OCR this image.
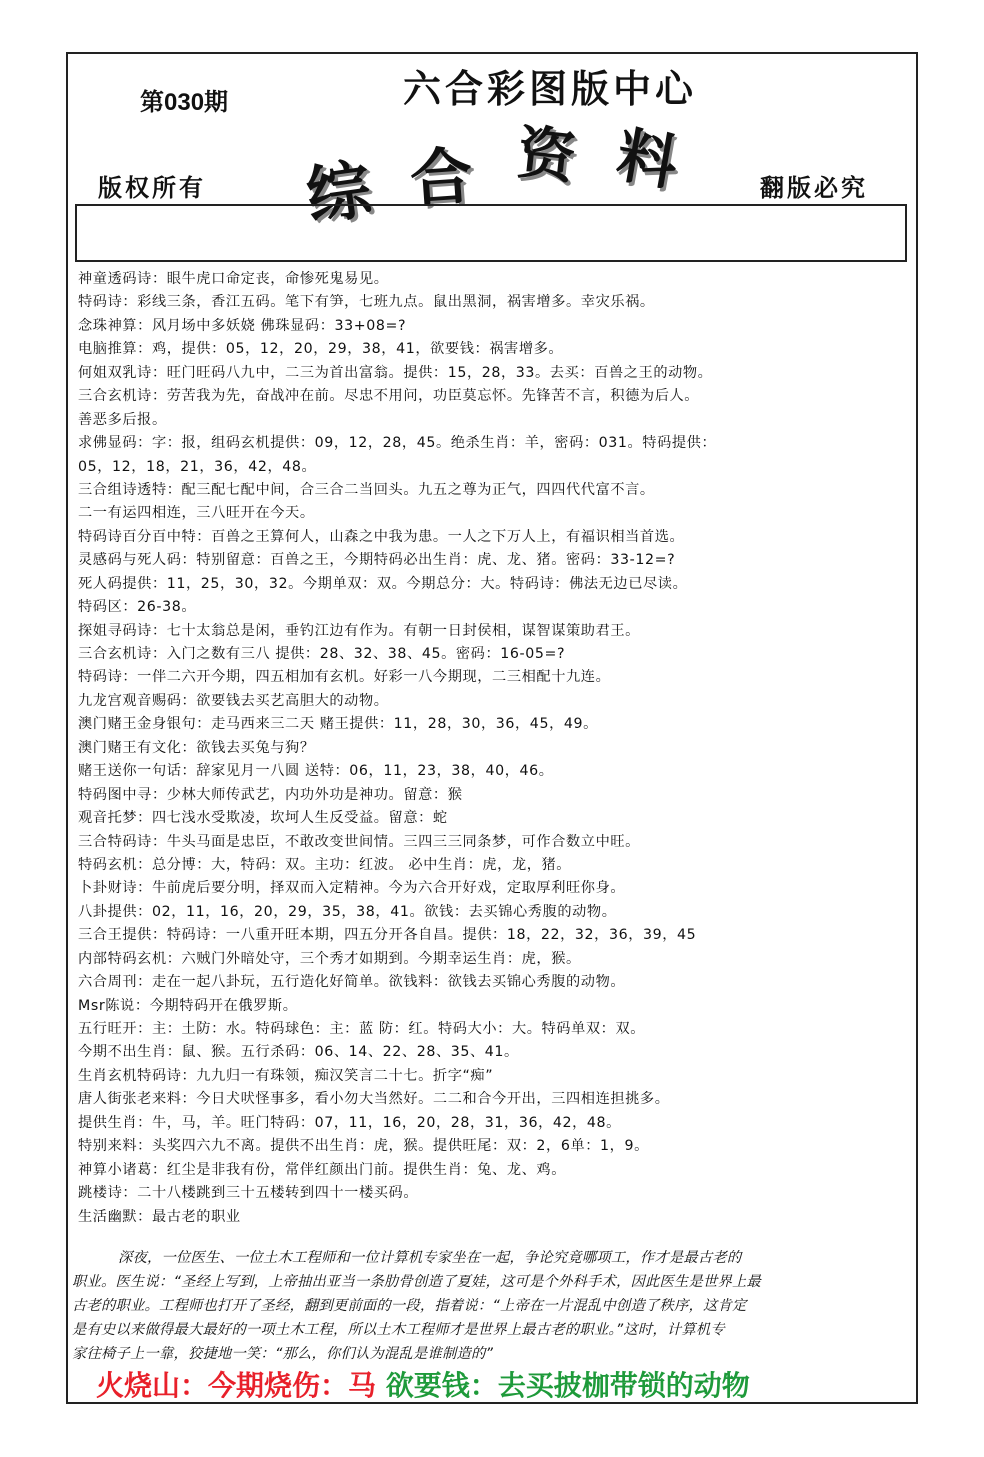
第030期	六合彩图版中心
综 合 资 料
版权所有	翻版必究
神童透码诗：眼牛虎口命定丧，命惨死鬼易见。
特码诗：彩线三条，香江五码。笔下有笋，七班九点。鼠出黑洞，祸害增多。幸灾乐祸。
念珠神算：风月场中多妖娆 佛珠显码：33+08=?
电脑推算：鸡，提供：05，12，20，29，38，41，欲要钱：祸害增多。
何姐双乳诗：旺门旺码八九中，二三为首出富翁。提供：15，28，33。去买：百兽之王的动物。
三合玄机诗：劳苦我为先，奋战冲在前。尽忠不用问，功臣莫忘怀。先锋苦不言，积德为后人。
善恶多后报。
求佛显码：字：报，组码玄机提供：09，12，28，45。绝杀生肖：羊，密码：031。特码提供：
05，12，18，21，36，42，48。
三合组诗透特：配三配七配中间，合三合二当回头。九五之尊为正气，四四代代富不言。
二一有运四相连，三八旺开在今天。
特码诗百分百中特：百兽之王算何人，山森之中我为患。一人之下万人上，有福识相当首选。
灵感码与死人码：特别留意：百兽之王，今期特码必出生肖：虎、龙、猪。密码：33-12=?
死人码提供：11，25，30，32。今期单双：双。今期总分：大。特码诗：佛法无边已尽读。
特码区：26-38。
探姐寻码诗：七十太翁总是闲，垂钓江边有作为。有朝一日封侯相，谋智谋策助君王。
三合玄机诗：入门之数有三八 提供：28、32、38、45。密码：16-05=?
特码诗：一伴二六开今期，四五相加有玄机。好彩一八今期现，二三相配十九连。
九龙宫观音赐码：欲要钱去买艺高胆大的动物。
澳门赌王金身银句：走马西来三二天 赌王提供：11，28，30，36，45，49。
澳门赌王有文化：欲钱去买兔与狗？
赌王送你一句话：辞家见月一八圆 送特：06，11，23，38，40，46。
特码图中寻：少林大师传武艺，内功外功是神功。留意：猴
观音托梦：四七浅水受欺凌，坎坷人生反受益。留意：蛇
三合特码诗：牛头马面是忠臣，不敢改变世间情。三四三三同条梦，可作合数立中旺。
特码玄机：总分博：大，特码：双。主功：红波。 必中生肖：虎，龙，猪。
卜卦财诗：牛前虎后要分明，择双而入定精神。今为六合开好戏，定取厚利旺你身。
八卦提供：02，11，16，20，29，35，38，41。欲钱：去买锦心秀腹的动物。
三合王提供：特码诗：一八重开旺本期，四五分开各自昌。提供：18，22，32，36，39，45
内部特码玄机：六贼门外暗处守，三个秀才如期到。今期幸运生肖：虎，猴。
六合周刊：走在一起八卦玩，五行造化好简单。欲钱料：欲钱去买锦心秀腹的动物。
Msr陈说：今期特码开在俄罗斯。
五行旺开：主：土防：水。特码球色：主：蓝 防：红。特码大小：大。特码单双：双。
今期不出生肖：鼠、猴。五行杀码：06、14、22、28、35、41。
生肖玄机特码诗：九九归一有珠领，痴汉笑言二十七。折字“痴”
唐人街张老来料：今日犬吠怪事多，看小勿大当然好。二二和合今开出，三四相连担挑多。
提供生肖：牛，马，羊。旺门特码：07，11，16，20，28，31，36，42，48。
特别来料：头奖四六九不离。提供不出生肖：虎，猴。提供旺尾：双：2，6单：1，9。
神算小诸葛：红尘是非我有份，常伴红颜出门前。提供生肖：兔、龙、鸡。
跳楼诗：二十八楼跳到三十五楼转到四十一楼买码。
生活幽默：最古老的职业
深夜，一位医生、一位土木工程师和一位计算机专家坐在一起，争论究竟哪项工，作才是最古老的
职业。医生说：“圣经上写到，上帝抽出亚当一条肋骨创造了夏娃，这可是个外科手术，因此医生是世界上最
古老的职业。工程师也打开了圣经，翻到更前面的一段，指着说：“上帝在一片混乱中创造了秩序，这肯定
是有史以来做得最大最好的一项土木工程，所以土木工程师才是世界上最古老的职业。”这时，计算机专
家往椅子上一靠，狡捷地一笑：“那么，你们认为混乱是谁制造的”
火烧山：今期烧伤：马 欲要钱：去买披枷带锁的动物
